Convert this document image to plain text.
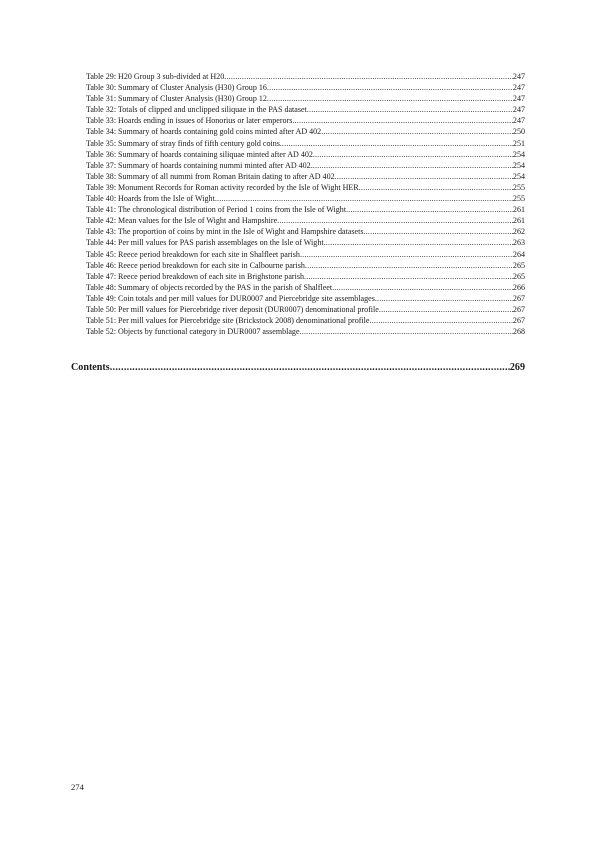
Table 29: H20 Group 3 sub-divided at H20 .....	247
Table 30: Summary of Cluster Analysis (H30) Group 16 .....	247
Table 31: Summary of Cluster Analysis (H30) Group 12 .....	247
Table 32: Totals of clipped and unclipped siliquae in the PAS dataset .....	247
Table 33: Hoards ending in issues of Honorius or later emperors .....	247
Table 34: Summary of hoards containing gold coins minted after AD 402 .....	250
Table 35: Summary of stray finds of fifth century gold coins. .....	251
Table 36: Summary of hoards containing siliquae minted after AD 402. .....	254
Table 37: Summary of hoards containing nummi minted after AD 402. .....	254
Table 38: Summary of all nummi from Roman Britain dating to after AD 402 .....	254
Table 39: Monument Records for Roman activity recorded by the Isle of Wight HER .....	255
Table 40: Hoards from the Isle of Wight .....	255
Table 41: The chronological distribution of Period 1 coins from the Isle of Wight .....	261
Table 42: Mean values for the Isle of Wight and Hampshire .....	261
Table 43: The proportion of coins by mint in the Isle of Wight and Hampshire datasets .....	262
Table 44: Per mill values for PAS parish assemblages on the Isle of Wight .....	263
Table 45: Reece period breakdown for each site in Shalfleet parish .....	264
Table 46: Reece period breakdown for each site in Calbourne parish .....	265
Table 47: Reece period breakdown of each site in Brighstone parish .....	265
Table 48: Summary of objects recorded by the PAS in the parish of Shalfleet .....	266
Table 49: Coin totals and per mill values for DUR0007 and Piercebridge site assemblages .....	267
Table 50: Per mill values for Piercebridge river deposit (DUR0007) denominational profile .....	267
Table 51: Per mill values for Piercebridge site (Brickstock 2008) denominational profile .....	267
Table 52: Objects by functional category in DUR0007 assemblage .....	268
Contents .....	269
274
